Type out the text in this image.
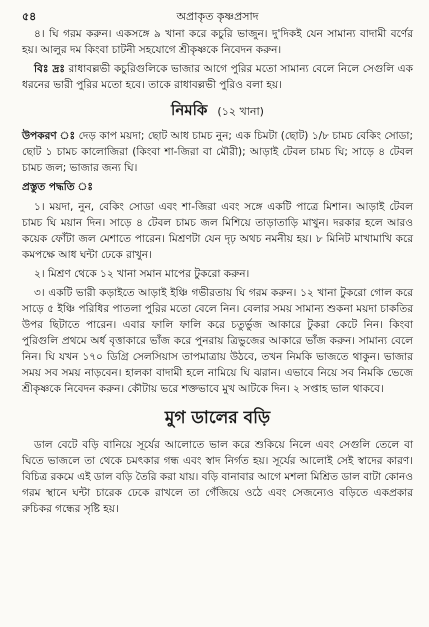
৫৪	অপ্রাকৃত কৃষ্ণপ্রসাদ

৪। ঘি গরম করুন। একসঙ্গে ৯ খানা করে কচুরি ভাজুন। দু'দিকই যেন সামান্য বাদামী বর্ণের হয়। আলুর দম কিংবা চাটনী সহযোগে শ্রীকৃষ্ণকে নিবেদন করুন।

বিঃ দ্রঃ রাধাবল্লভী কচুরিগুলিকে ভাজার আগে পুরির মতো সামান্য বেলে নিলে সেগুলি এক ধরনের ভারী পুরির মতো হবে। তাকে রাধাবল্লভী পুরিও বলা হয়।

নিমকি (১২ খানা)

উপকরণ ঃ দেড় কাপ ময়দা; ছোট আধ চামচ নুন; এক চিমটা (ছোট) ১/৮ চামচ বেকিং সোডা; ছোট ১ চামচ কালোজিরা (কিংবা শা-জিরা বা মৌরী); আড়াই টেবল চামচ ঘি; সাড়ে ৪ টেবল চামচ জল; ভাজার জন্য ঘি।

প্রস্তুত পদ্ধতি ঃ

১। ময়দা, নুন, বেকিং সোডা এবং শা-জিরা এবং সঙ্গে একটি পাত্রে মিশান। আড়াই টেবল চামচ ঘি ময়ান দিন। সাড়ে ৪ টেবল চামচ জল মিশিয়ে তাড়াতাড়ি মাখুন। দরকার হলে আরও কয়েক ফোঁটা জল মেশাতে পারেন। মিশ্রণটা যেন দৃঢ় অথচ নমনীয় হয়। ৮ মিনিট মাখামাখি করে কমপক্ষে আধ ঘন্টা ঢেকে রাখুন।

২। মিশ্রণ থেকে ১২ খানা সমান মাপের টুকরো করুন।

৩। একটি ভারী কড়াইতে আড়াই ইঞ্চি গভীরতায় ঘি গরম করুন। ১২ খানা টুকরো গোল করে সাড়ে ৫ ইঞ্চি পরিধির পাতলা পুরির মতো বেলে নিন। বেলার সময় সামান্য শুকনা ময়দা চাকতির উপর ছিটাতে পারেন। এবার ফালি ফালি করে চতুর্ভুজ আকারে টুকরা কেটে নিন। কিংবা পুরিগুলি প্রথমে অর্ধ বৃত্তাকারে ভাঁজ করে পুনরায় ত্রিভুজের আকারে ভাঁজ করুন। সামান্য বেলে নিন। ঘি যখন ১৭০ ডিগ্রি সেলসিয়াস তাপমাত্রায় উঠবে, তখন নিমকি ভাজতে থাকুন। ভাজার সময় সব সময় নাড়বেন। হালকা বাদামী হলে নামিয়ে ঘি ঝরান। এভাবে নিয়ে সব নিমকি ভেজে শ্রীকৃষ্ণকে নিবেদন করুন। কৌটায় ভরে শক্তভাবে মুখ আটকে দিন। ২ সপ্তাহ ভাল থাকবে।

মুগ ডালের বড়ি

ডাল বেটে বড়ি বানিয়ে সূর্যের আলোতে ভাল করে শুকিয়ে নিলে এবং সেগুলি তেলে বা ঘিতে ভাজলে তা থেকে চমৎকার গন্ধ এবং স্বাদ নির্গত হয়। সূর্যের আলোই সেই স্বাদের কারণ। বিচিত্র রকমে এই ডাল বড়ি তৈরি করা যায়। বড়ি বানাবার আগে মশলা মিশ্রিত ডাল বাটা কোনও গরম স্থানে ঘন্টা চারেক ঢেকে রাখলে তা গেঁজিয়ে ওঠে এবং সেজন্যেও বড়িতে একপ্রকার রুচিকর গন্ধের সৃষ্টি হয়।
